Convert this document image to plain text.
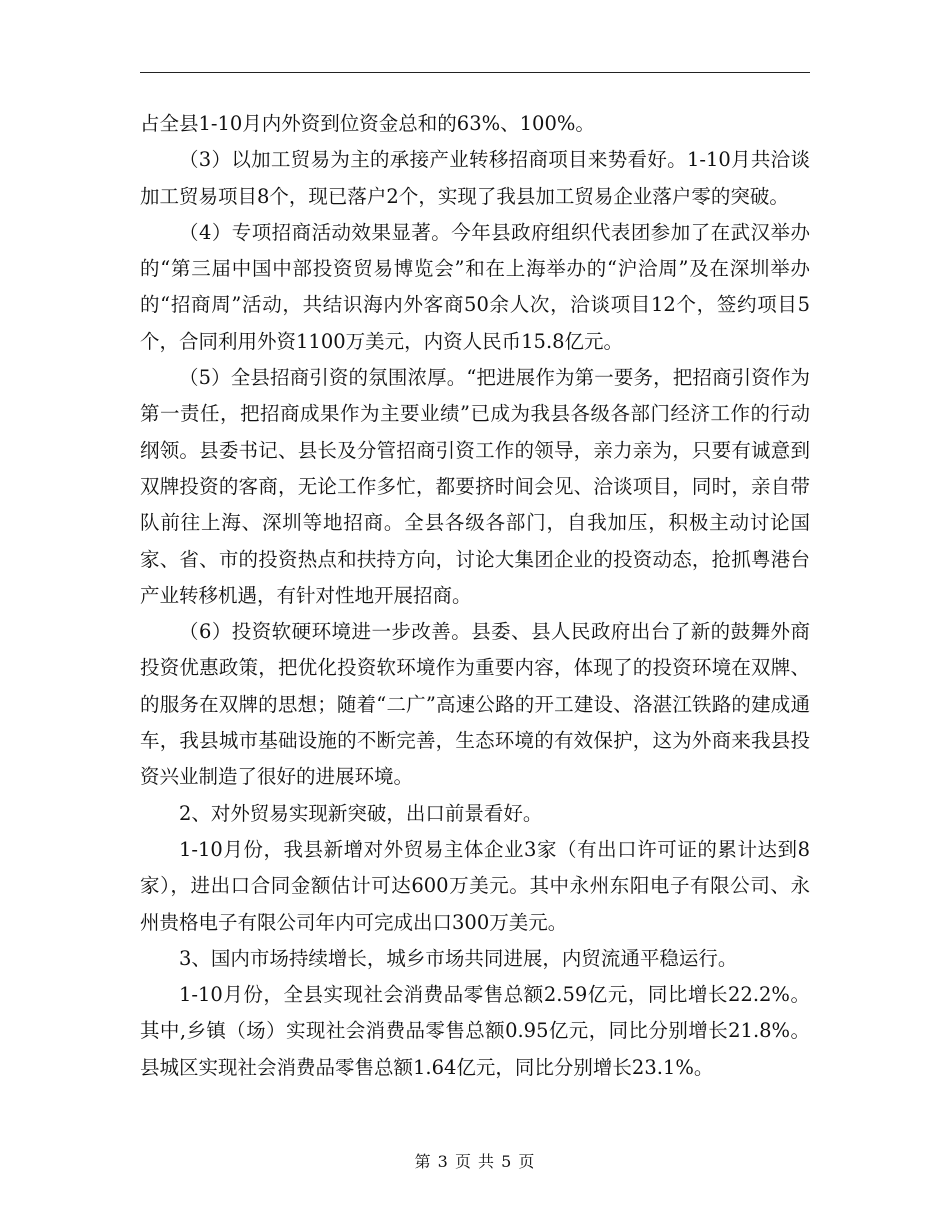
占全县1-10月内外资到位资金总和的63%、100%。

（3）以加工贸易为主的承接产业转移招商项目来势看好。1-10月共洽谈加工贸易项目8个，现已落户2个，实现了我县加工贸易企业落户零的突破。

（4）专项招商活动效果显著。今年县政府组织代表团参加了在武汉举办的“第三届中国中部投资贸易博览会”和在上海举办的“沪洽周”及在深圳举办的“招商周”活动，共结识海内外客商50余人次，洽谈项目12个，签约项目5个，合同利用外资1100万美元，内资人民币15.8亿元。

（5）全县招商引资的氛围浓厚。“把进展作为第一要务，把招商引资作为第一责任，把招商成果作为主要业绩”已成为我县各级各部门经济工作的行动纲领。县委书记、县长及分管招商引资工作的领导，亲力亲为，只要有诚意到双牌投资的客商，无论工作多忙，都要挤时间会见、洽谈项目，同时，亲自带队前往上海、深圳等地招商。全县各级各部门，自我加压，积极主动讨论国家、省、市的投资热点和扶持方向，讨论大集团企业的投资动态，抢抓粤港台产业转移机遇，有针对性地开展招商。

（6）投资软硬环境进一步改善。县委、县人民政府出台了新的鼓舞外商投资优惠政策，把优化投资软环境作为重要内容，体现了的投资环境在双牌、的服务在双牌的思想；随着“二广”高速公路的开工建设、洛湛江铁路的建成通车，我县城市基础设施的不断完善，生态环境的有效保护，这为外商来我县投资兴业制造了很好的进展环境。

2、对外贸易实现新突破，出口前景看好。

1-10月份，我县新增对外贸易主体企业3家（有出口许可证的累计达到8家），进出口合同金额估计可达600万美元。其中永州东阳电子有限公司、永州贵格电子有限公司年内可完成出口300万美元。

3、国内市场持续增长，城乡市场共同进展，内贸流通平稳运行。

1-10月份，全县实现社会消费品零售总额2.59亿元，同比增长22.2%。其中,乡镇（场）实现社会消费品零售总额0.95亿元，同比分别增长21.8%。县城区实现社会消费品零售总额1.64亿元，同比分别增长23.1%。

第 3 页 共 5 页
